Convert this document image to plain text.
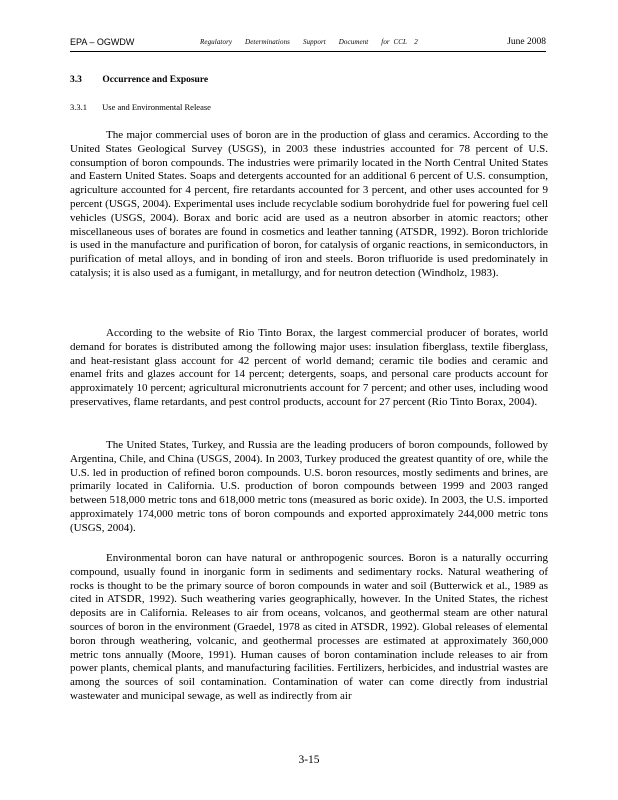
EPA – OGWDW	Regulatory       Determinations       Support       Document       for  CCL    2	June 2008
3.3 Occurrence and Exposure
3.3.1 Use and Environmental Release

The major commercial uses of boron are in the production of glass and ceramics. According to the United States Geological Survey (USGS), in 2003 these industries accounted for 78 percent of U.S. consumption of boron compounds. The industries were primarily located in the North Central United States and Eastern United States. Soaps and detergents accounted for an additional 6 percent of U.S. consumption, agriculture accounted for 4 percent, fire retardants accounted for 3 percent, and other uses accounted for 9 percent (USGS, 2004). Experimental uses include recyclable sodium borohydride fuel for powering fuel cell vehicles (USGS, 2004). Borax and boric acid are used as a neutron absorber in atomic reactors; other miscellaneous uses of borates are found in cosmetics and leather tanning (ATSDR, 1992). Boron trichloride is used in the manufacture and purification of boron, for catalysis of organic reactions, in semiconductors, in purification of metal alloys, and in bonding of iron and steels. Boron trifluoride is used predominately in catalysis; it is also used as a fumigant, in metallurgy, and for neutron detection (Windholz, 1983).

According to the website of Rio Tinto Borax, the largest commercial producer of borates, world demand for borates is distributed among the following major uses: insulation fiberglass, textile fiberglass, and heat-resistant glass account for 42 percent of world demand; ceramic tile bodies and ceramic and enamel frits and glazes account for 14 percent; detergents, soaps, and personal care products account for approximately 10 percent; agricultural micronutrients account for 7 percent; and other uses, including wood preservatives, flame retardants, and pest control products, account for 27 percent (Rio Tinto Borax, 2004).

The United States, Turkey, and Russia are the leading producers of boron compounds, followed by Argentina, Chile, and China (USGS, 2004). In 2003, Turkey produced the greatest quantity of ore, while the U.S. led in production of refined boron compounds. U.S. boron resources, mostly sediments and brines, are primarily located in California. U.S. production of boron compounds between 1999 and 2003 ranged between 518,000 metric tons and 618,000 metric tons (measured as boric oxide). In 2003, the U.S. imported approximately 174,000 metric tons of boron compounds and exported approximately 244,000 metric tons (USGS, 2004).

Environmental boron can have natural or anthropogenic sources. Boron is a naturally occurring compound, usually found in inorganic form in sediments and sedimentary rocks. Natural weathering of rocks is thought to be the primary source of boron compounds in water and soil (Butterwick et al., 1989 as cited in ATSDR, 1992). Such weathering varies geographically, however. In the United States, the richest deposits are in California. Releases to air from oceans, volcanos, and geothermal steam are other natural sources of boron in the environment (Graedel, 1978 as cited in ATSDR, 1992). Global releases of elemental boron through weathering, volcanic, and geothermal processes are estimated at approximately 360,000 metric tons annually (Moore, 1991). Human causes of boron contamination include releases to air from power plants, chemical plants, and manufacturing facilities. Fertilizers, herbicides, and industrial wastes are among the sources of soil contamination. Contamination of water can come directly from industrial wastewater and municipal sewage, as well as indirectly from air

3-15
